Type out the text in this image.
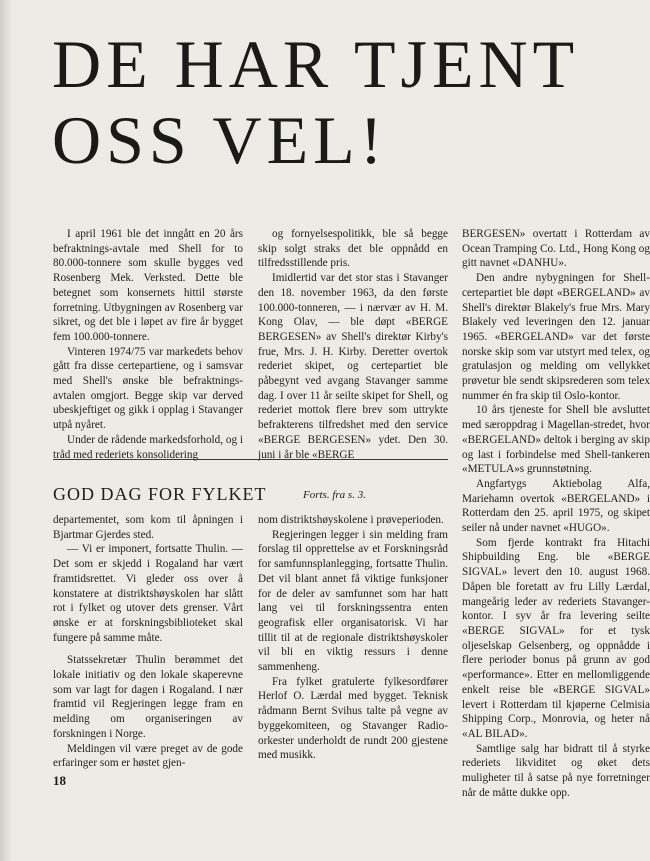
DE HAR TJENT
OSS VEL!

I april 1961 ble det inngått en 20 års befraktnings-avtale med Shell for to 80.000-tonnere som skulle bygges ved Rosenberg Mek. Verksted. Dette ble betegnet som konsernets hittil største forretning. Utbygningen av Rosenberg var sikret, og det ble i løpet av fire år bygget fem 100.000-tonnere.

Vinteren 1974/75 var markedets behov gått fra disse certepartiene, og i samsvar med Shell's ønske ble befraktnings-avtalen omgjort. Begge skip var derved ubeskjeftiget og gikk i opplag i Stavanger utpå nyåret.

Under de rådende markedsforhold, og i tråd med rederiets konsolidering

og fornyelsespolitikk, ble så begge skip solgt straks det ble oppnådd en tilfredsstillende pris.

Imidlertid var det stor stas i Stavanger den 18. november 1963, da den første 100.000-tonneren, — i nærvær av H. M. Kong Olav, — ble døpt «BERGE BERGESEN» av Shell's direktør Kirby's frue, Mrs. J. H. Kirby. Deretter overtok rederiet skipet, og certepartiet ble påbegynt ved avgang Stavanger samme dag. I over 11 år seilte skipet for Shell, og rederiet mottok flere brev som uttrykte befrakterens tilfredshet med den service «BERGE BERGESEN» ydet. Den 30. juni i år ble «BERGE

BERGESEN» overtatt i Rotterdam av Ocean Tramping Co. Ltd., Hong Kong og gitt navnet «DANHU».

Den andre nybygningen for Shell-certepartiet ble døpt «BERGELAND» av Shell's direktør Blakely's frue Mrs. Mary Blakely ved leveringen den 12. januar 1965. «BERGELAND» var det første norske skip som var utstyrt med telex, og gratulasjon og melding om vellykket prøvetur ble sendt skipsrederen som telex nummer én fra skip til Oslo-kontor.

10 års tjeneste for Shell ble avsluttet med særoppdrag i Magellan-stredet, hvor «BERGELAND» deltok i berging av skip og last i forbindelse med Shell-tankeren «METULA»s grunnstøtning.

Angfartygs Aktiebolag Alfa, Mariehamn overtok «BERGELAND» i Rotterdam den 25. april 1975, og skipet seiler nå under navnet «HUGO».

Som fjerde kontrakt fra Hitachi Shipbuilding Eng. ble «BERGE SIGVAL» levert den 10. august 1968. Dåpen ble foretatt av fru Lilly Lærdal, mangeårig leder av rederiets Stavanger-kontor. I syv år fra levering seilte «BERGE SIGVAL» for et tysk oljeselskap Gelsenberg, og oppnådde i flere perioder bonus på grunn av god «performance». Etter en mellomliggende enkelt reise ble «BERGE SIGVAL» levert i Rotterdam til kjøperne Celmisia Shipping Corp., Monrovia, og heter nå «AL BILAD».

Samtlige salg har bidratt til å styrke rederiets likviditet og øket dets muligheter til å satse på nye forretninger når de måtte dukke opp.

GOD DAG FOR FYLKET	Forts. fra s. 3.

departementet, som kom til åpningen i Bjartmar Gjerdes sted.

— Vi er imponert, fortsatte Thulin. — Det som er skjedd i Rogaland har vært framtidsrettet. Vi gleder oss over å konstatere at distriktshøyskolen har slått rot i fylket og utover dets grenser. Vårt ønske er at forskningsbiblioteket skal fungere på samme måte.

Statssekretær Thulin berømmet det lokale initiativ og den lokale skaperevne som var lagt for dagen i Rogaland. I nær framtid vil Regjeringen legge fram en melding om organiseringen av forskningen i Norge.

Meldingen vil være preget av de gode erfaringer som er høstet gjen-

nom distriktshøyskolene i prøveperioden.

Regjeringen legger i sin melding fram forslag til opprettelse av et Forskningsråd for samfunnsplanlegging, fortsatte Thulin. Det vil blant annet få viktige funksjoner for de deler av samfunnet som har hatt lang vei til forskningssentra enten geografisk eller organisatorisk. Vi har tillit til at de regionale distriktshøyskoler vil bli en viktig ressurs i denne sammenheng.

Fra fylket gratulerte fylkesordfører Herlof O. Lærdal med bygget. Teknisk rådmann Bernt Svihus talte på vegne av byggekomiteen, og Stavanger Radio-orkester underholdt de rundt 200 gjestene med musikk.

18
